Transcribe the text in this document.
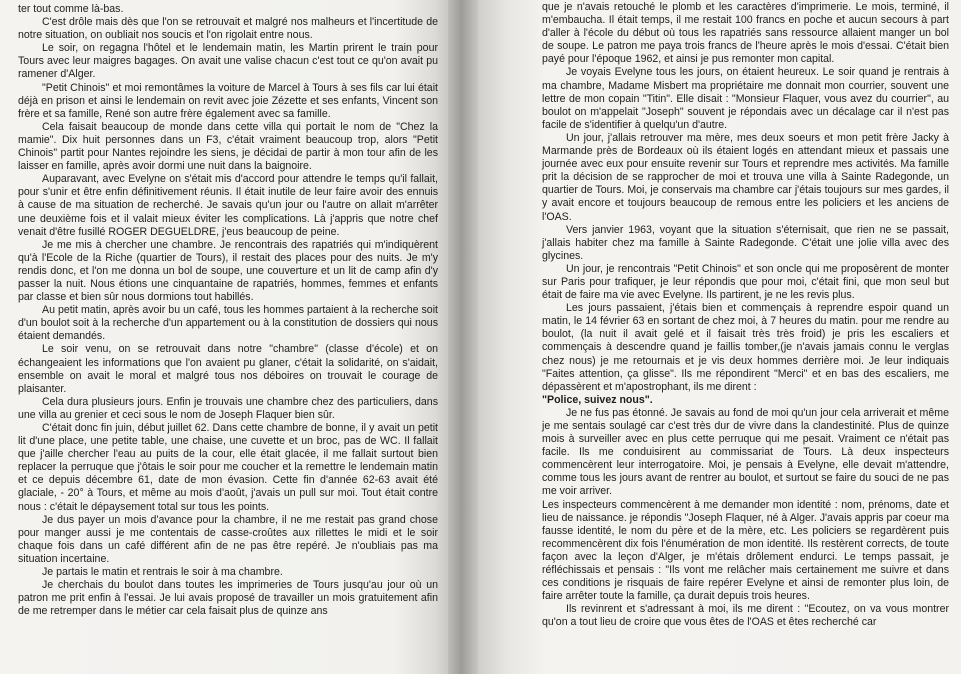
ter tout comme là-bas.

C'est drôle mais dès que l'on se retrouvait et malgré nos malheurs et l'incertitude de notre situation, on oubliait nos soucis et l'on rigolait entre nous.

Le soir, on regagna l'hôtel et le lendemain matin, les Martin prirent le train pour Tours avec leur maigres bagages. On avait une valise chacun c'est tout ce qu'on avait pu ramener d'Alger.

"Petit Chinois" et moi remontâmes la voiture de Marcel à Tours à ses fils car lui était déjà en prison et ainsi le lendemain on revit avec joie Zézette et ses enfants, Vincent son frère et sa famille, René son autre frère également avec sa famille.

Cela faisait beaucoup de monde dans cette villa qui portait le nom de "Chez la mamie". Dix huit personnes dans un F3, c'était vraiment beaucoup trop, alors "Petit Chinois" partit pour Nantes rejoindre les siens, je décidai de partir à mon tour afin de les laisser en famille, après avoir dormi une nuit dans la baignoire.

Auparavant, avec Evelyne on s'était mis d'accord pour attendre le temps qu'il fallait, pour s'unir et être enfin définitivement réunis. Il était inutile de leur faire avoir des ennuis à cause de ma situation de recherché. Je savais qu'un jour ou l'autre on allait m'arrêter une deuxième fois et il valait mieux éviter les complications. Là j'appris que notre chef venait d'être fusillé ROGER DEGUELDRE, j'eus beaucoup de peine.

Je me mis à chercher une chambre. Je rencontrais des rapatriés qui m'indiquèrent qu'à l'Ecole de la Riche (quartier de Tours), il restait des places pour des nuits. Je m'y rendis donc, et l'on me donna un bol de soupe, une couverture et un lit de camp afin d'y passer la nuit. Nous étions une cinquantaine de rapatriés, hommes, femmes et enfants par classe et bien sûr nous dormions tout habillés.

Au petit matin, après avoir bu un café, tous les hommes partaient à la recherche soit d'un boulot soit à la recherche d'un appartement ou à la constitution de dossiers qui nous étaient demandés.

Le soir venu, on se retrouvait dans notre "chambre" (classe d'école) et on échangeaient les informations que l'on avaient pu glaner, c'était la solidarité, on s'aidait, ensemble on avait le moral et malgré tous nos déboires on trouvait le courage de plaisanter.

Cela dura plusieurs jours. Enfin je trouvais une chambre chez des particuliers, dans une villa au grenier et ceci sous le nom de Joseph Flaquer bien sûr.

C'était donc fin juin, début juillet 62. Dans cette chambre de bonne, il y avait un petit lit d'une place, une petite table, une chaise, une cuvette et un broc, pas de WC. Il fallait que j'aille chercher l'eau au puits de la cour, elle était glacée, il me fallait surtout bien replacer la perruque que j'ôtais le soir pour me coucher et la remettre le lendemain matin et ce depuis décembre 61, date de mon évasion. Cette fin d'année 62-63 avait été glaciale, - 20° à Tours, et même au mois d'août, j'avais un pull sur moi. Tout était contre nous : c'était le dépaysement total sur tous les points.

Je dus payer un mois d'avance pour la chambre, il ne me restait pas grand chose pour manger aussi je me contentais de casse-croûtes aux rillettes le midi et le soir chaque fois dans un café différent afin de ne pas être repéré. Je n'oubliais pas ma situation incertaine.

Je partais le matin et rentrais le soir à ma chambre.

Je cherchais du boulot dans toutes les imprimeries de Tours jusqu'au jour où un patron me prit enfin à l'essai. Je lui avais proposé de travailler un mois gratuitement afin de me retremper dans le métier car cela faisait plus de quinze ans

que je n'avais retouché le plomb et les caractères d'imprimerie. Le mois, terminé, il m'embaucha. Il était temps, il me restait 100 francs en poche et aucun secours à part d'aller à l'école du début où tous les rapatriés sans ressource allaient manger un bol de soupe. Le patron me paya trois francs de l'heure après le mois d'essai. C'était bien payé pour l'époque 1962, et ainsi je pus remonter mon capital.

Je voyais Evelyne tous les jours, on étaient heureux. Le soir quand je rentrais à ma chambre, Madame Misbert ma propriétaire me donnait mon courrier, souvent une lettre de mon copain "Titin". Elle disait : "Monsieur Flaquer, vous avez du courrier", au boulot on m'appelait "Joseph" souvent je répondais avec un décalage car il n'est pas facile de s'identifier à quelqu'un d'autre.

Un jour, j'allais retrouver ma mère, mes deux soeurs et mon petit frère Jacky à Marmande près de Bordeaux où ils étaient logés en attendant mieux et passais une journée avec eux pour ensuite revenir sur Tours et reprendre mes activités. Ma famille prit la décision de se rapprocher de moi et trouva une villa à Sainte Radegonde, un quartier de Tours. Moi, je conservais ma chambre car j'étais toujours sur mes gardes, il y avait encore et toujours beaucoup de remous entre les policiers et les anciens de l'OAS.

Vers janvier 1963, voyant que la situation s'éternisait, que rien ne se passait, j'allais habiter chez ma famille à Sainte Radegonde. C'était une jolie villa avec des glycines.

Un jour, je rencontrais "Petit Chinois" et son oncle qui me proposèrent de monter sur Paris pour trafiquer, je leur répondis que pour moi, c'était fini, que mon seul but était de faire ma vie avec Evelyne. Ils partirent, je ne les revis plus.

Les jours passaient, j'étais bien et commençais à reprendre espoir quand un matin, le 14 février 63 en sortant de chez moi, à 7 heures du matin. pour me rendre au boulot, (la nuit il avait gelé et il faisait très très froid) je pris les escaliers et commençais à descendre quand je faillis tomber,(je n'avais jamais connu le verglas chez nous) je me retournais et je vis deux hommes derrière moi. Je leur indiquais "Faites attention, ça glisse". Ils me répondirent "Merci" et en bas des escaliers, me dépassèrent et m'apostrophant, ils me dirent :

"Police, suivez nous".

Je ne fus pas étonné. Je savais au fond de moi qu'un jour cela arriverait et même je me sentais soulagé car c'est très dur de vivre dans la clandestinité. Plus de quinze mois à surveiller avec en plus cette perruque qui me pesait. Vraiment ce n'était pas facile. Ils me conduisirent au commissariat de Tours. Là deux inspecteurs commencèrent leur interrogatoire. Moi, je pensais à Evelyne, elle devait m'attendre, comme tous les jours avant de rentrer au boulot, et surtout se faire du souci de ne pas me voir arriver.

Les inspecteurs commencèrent à me demander mon identité : nom, prénoms, date et lieu de naissance. je répondis "Joseph Flaquer, né à Alger. J'avais appris par coeur ma fausse identité, le nom du père et de la mère, etc. Les policiers se regardèrent puis recommencèrent dix fois l'énumération de mon identité. Ils restèrent corrects, de toute façon avec la leçon d'Alger, je m'étais drôlement endurci. Le temps passait, je réfléchissais et pensais : "Ils vont me relâcher mais certainement me suivre et dans ces conditions je risquais de faire repérer Evelyne et ainsi de remonter plus loin, de faire arrêter toute la famille, ça durait depuis trois heures.

Ils revinrent et s'adressant à moi, ils me dirent : "Ecoutez, on va vous montrer qu'on a tout lieu de croire que vous êtes de l'OAS et êtes recherché car
